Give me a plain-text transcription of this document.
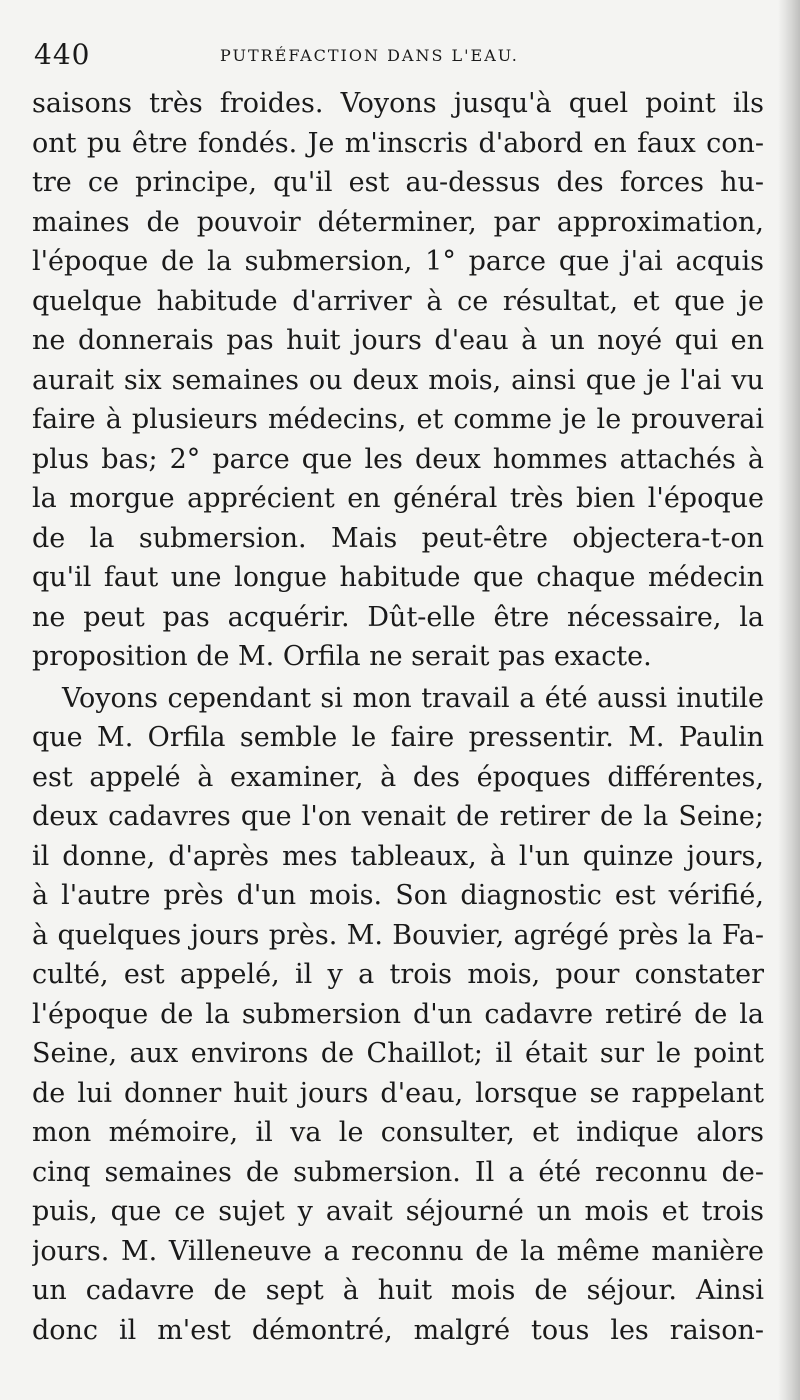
440	PUTRÉFACTION DANS L'EAU.
saisons très froides. Voyons jusqu'à quel point ils
ont pu être fondés. Je m'inscris d'abord en faux con-
tre ce principe, qu'il est au-dessus des forces hu-
maines de pouvoir déterminer, par approximation,
l'époque de la submersion, 1° parce que j'ai acquis
quelque habitude d'arriver à ce résultat, et que je
ne donnerais pas huit jours d'eau à un noyé qui en
aurait six semaines ou deux mois, ainsi que je l'ai vu
faire à plusieurs médecins, et comme je le prouverai
plus bas; 2° parce que les deux hommes attachés à
la morgue apprécient en général très bien l'époque
de la submersion. Mais peut-être objectera-t-on
qu'il faut une longue habitude que chaque médecin
ne peut pas acquérir. Dût-elle être nécessaire, la
proposition de M. Orfila ne serait pas exacte.
Voyons cependant si mon travail a été aussi inutile
que M. Orfila semble le faire pressentir. M. Paulin
est appelé à examiner, à des époques différentes,
deux cadavres que l'on venait de retirer de la Seine;
il donne, d'après mes tableaux, à l'un quinze jours,
à l'autre près d'un mois. Son diagnostic est vérifié,
à quelques jours près. M. Bouvier, agrégé près la Fa-
culté, est appelé, il y a trois mois, pour constater
l'époque de la submersion d'un cadavre retiré de la
Seine, aux environs de Chaillot; il était sur le point
de lui donner huit jours d'eau, lorsque se rappelant
mon mémoire, il va le consulter, et indique alors
cinq semaines de submersion. Il a été reconnu de-
puis, que ce sujet y avait séjourné un mois et trois
jours. M. Villeneuve a reconnu de la même manière
un cadavre de sept à huit mois de séjour. Ainsi
donc il m'est démontré, malgré tous les raison-
